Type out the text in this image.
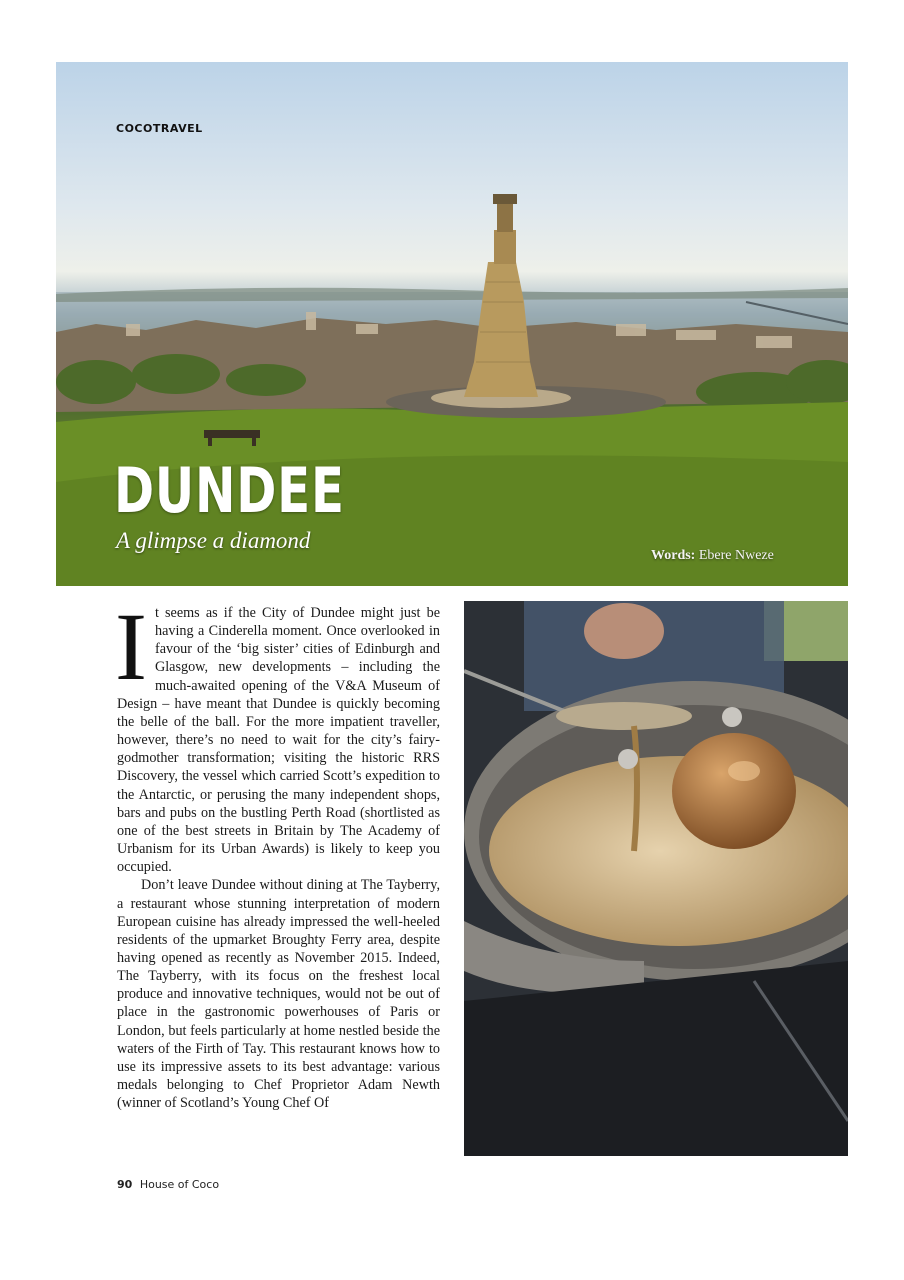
COCOTRAVEL
DUNDEE
A glimpse a diamond
Words: Ebere Nweze

It seems as if the City of Dundee might just be having a Cinderella moment. Once overlooked in favour of the ‘big sister’ cities of Edinburgh and Glasgow, new developments – including the much-awaited opening of the V&A Museum of Design – have meant that Dundee is quickly becoming the belle of the ball. For the more impatient traveller, however, there’s no need to wait for the city’s fairy-godmother transformation; visiting the historic RRS Discovery, the vessel which carried Scott’s expedition to the Antarctic, or perusing the many independent shops, bars and pubs on the bustling Perth Road (shortlisted as one of the best streets in Britain by The Academy of Urbanism for its Urban Awards) is likely to keep you occupied.

Don’t leave Dundee without dining at The Tayberry, a restaurant whose stunning interpretation of modern European cuisine has already impressed the well-heeled residents of the upmarket Broughty Ferry area, despite having opened as recently as November 2015. Indeed, The Tayberry, with its focus on the freshest local produce and innovative techniques, would not be out of place in the gastronomic powerhouses of Paris or London, but feels particularly at home nestled beside the waters of the Firth of Tay. This restaurant knows how to use its impressive assets to its best advantage: various medals belonging to Chef Proprietor Adam Newth (winner of Scotland’s Young Chef Of

90 House of Coco
